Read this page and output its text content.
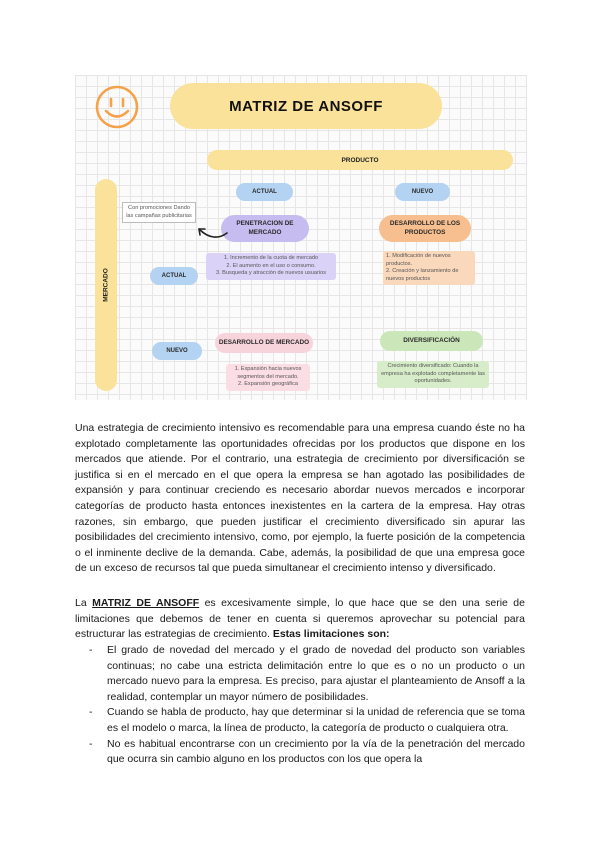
MATRIZ DE ANSOFF
PRODUCTO
MERCADO
ACTUAL	NUEVO
ACTUAL
NUEVO
PENETRACION DE MERCADO
DESARROLLO DE LOS PRODUCTOS
DESARROLLO DE MERCADO	DIVERSIFICACIÓN
Con promociones Dando las campañas publicitarias
1. Incremento de la cuota de mercado
2. El aumento en el uso o consumo.
3. Busqueda y atracción de nuevos usuarios
1. Modificación de nuevos productos.
2. Creación y lanzamiento de nuevos productos
1. Expansión hacia nuevos segmentos del mercado.
2. Expansión geográfica
Crecimiento diversificado: Cuando la empresa ha explotado completamente las oportunidades.

Una estrategia de crecimiento intensivo es recomendable para una empresa cuando éste no ha explotado completamente las oportunidades ofrecidas por los productos que dispone en los mercados que atiende. Por el contrario, una estrategia de crecimiento por diversificación se justifica si en el mercado en el que opera la empresa se han agotado las posibilidades de expansión y para continuar creciendo es necesario abordar nuevos mercados e incorporar categorías de producto hasta entonces inexistentes en la cartera de la empresa. Hay otras razones, sin embargo, que pueden justificar el crecimiento diversificado sin apurar las posibilidades del crecimiento intensivo, como, por ejemplo, la fuerte posición de la competencia o el inminente declive de la demanda. Cabe, además, la posibilidad de que una empresa goce de un exceso de recursos tal que pueda simultanear el crecimiento intenso y diversificado.

La MATRIZ DE ANSOFF es excesivamente simple, lo que hace que se den una serie de limitaciones que debemos de tener en cuenta si queremos aprovechar su potencial para estructurar las estrategias de crecimiento. Estas limitaciones son:

- El grado de novedad del mercado y el grado de novedad del producto son variables continuas; no cabe una estricta delimitación entre lo que es o no un producto o un mercado nuevo para la empresa. Es preciso, para ajustar el planteamiento de Ansoff a la realidad, contemplar un mayor número de posibilidades.
- Cuando se habla de producto, hay que determinar si la unidad de referencia que se toma es el modelo o marca, la línea de producto, la categoría de producto o cualquiera otra.
- No es habitual encontrarse con un crecimiento por la vía de la penetración del mercado que ocurra sin cambio alguno en los productos con los que opera la
